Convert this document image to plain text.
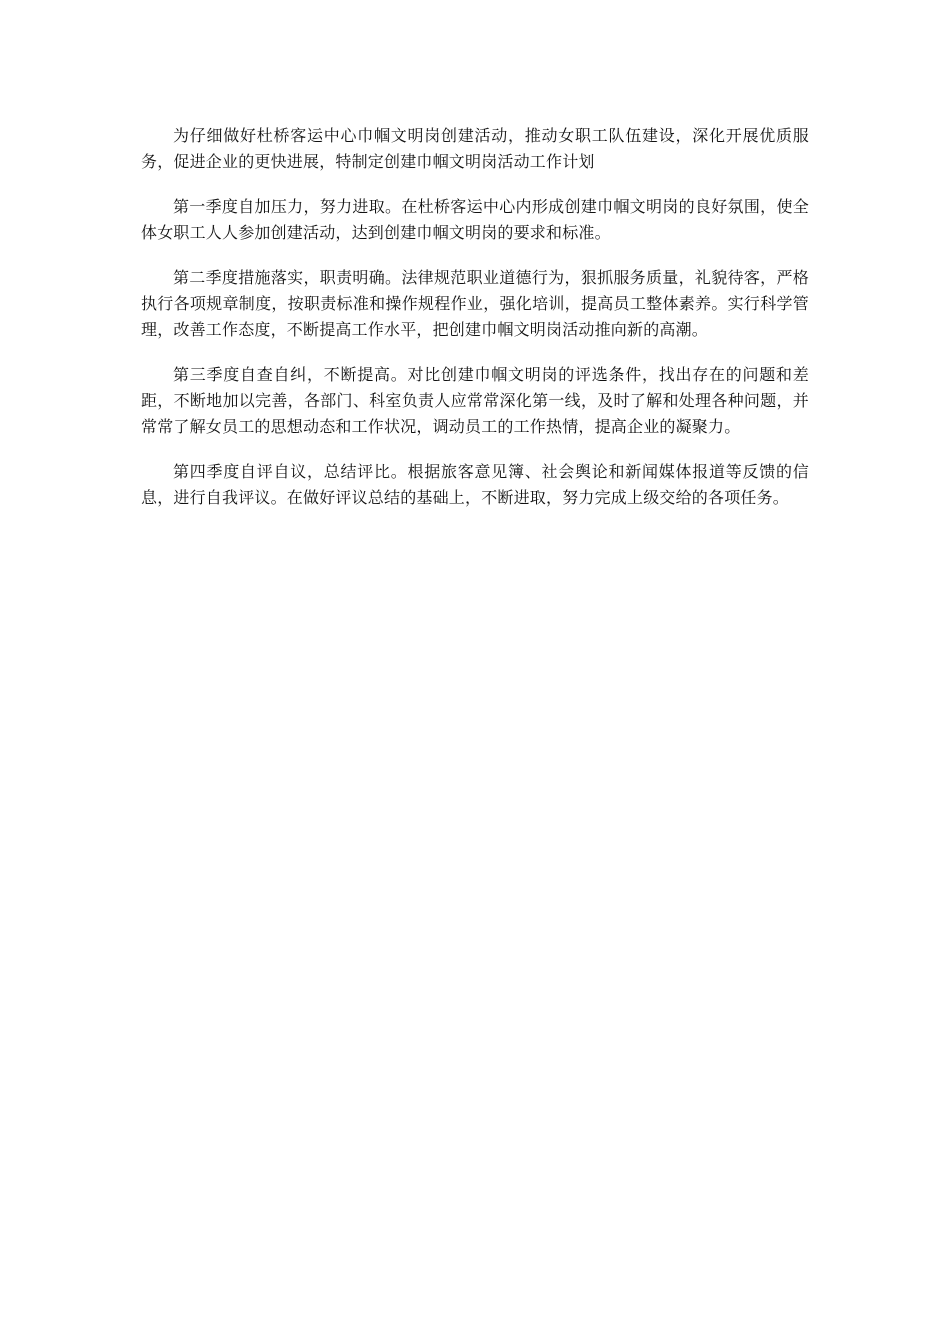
为仔细做好杜桥客运中心巾帼文明岗创建活动，推动女职工队伍建设，深化开展优质服务，促进企业的更快进展，特制定创建巾帼文明岗活动工作计划

第一季度自加压力，努力进取。在杜桥客运中心内形成创建巾帼文明岗的良好氛围，使全体女职工人人参加创建活动，达到创建巾帼文明岗的要求和标准。

第二季度措施落实，职责明确。法律规范职业道德行为，狠抓服务质量，礼貌待客，严格执行各项规章制度，按职责标准和操作规程作业，强化培训，提高员工整体素养。实行科学管理，改善工作态度，不断提高工作水平，把创建巾帼文明岗活动推向新的高潮。

第三季度自查自纠，不断提高。对比创建巾帼文明岗的评选条件，找出存在的问题和差距，不断地加以完善，各部门、科室负责人应常常深化第一线，及时了解和处理各种问题，并常常了解女员工的思想动态和工作状况，调动员工的工作热情，提高企业的凝聚力。

第四季度自评自议，总结评比。根据旅客意见簿、社会舆论和新闻媒体报道等反馈的信息，进行自我评议。在做好评议总结的基础上，不断进取，努力完成上级交给的各项任务。
